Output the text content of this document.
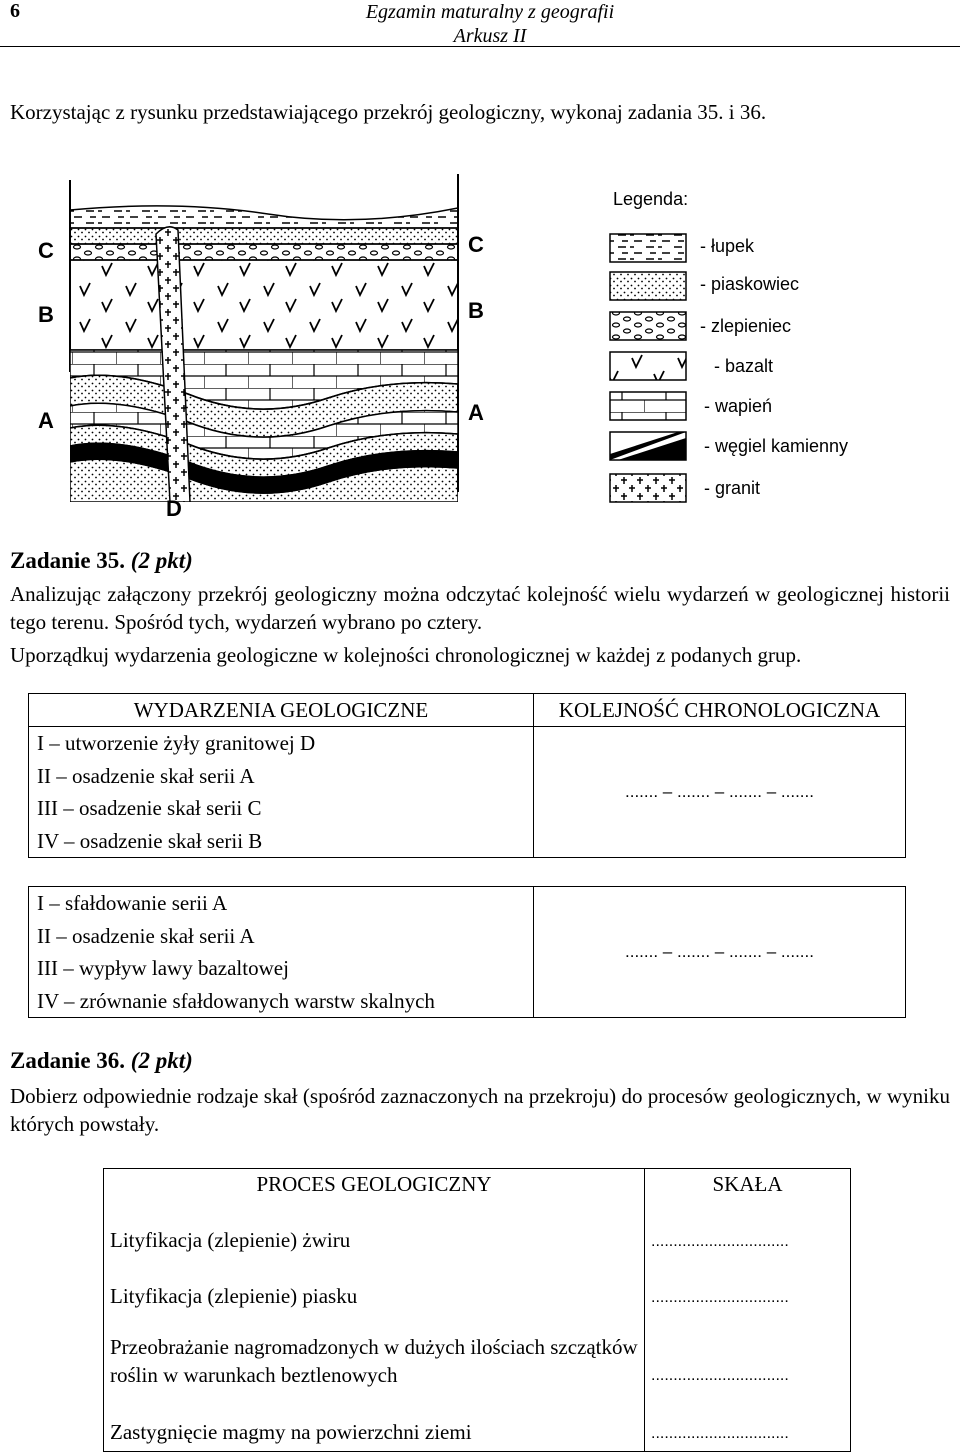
6	Egzamin maturalny z geografii
Arkusz II
Korzystając z rysunku przedstawiającego przekrój geologiczny, wykonaj zadania 35. i 36.
C
B
A
C
B
A
D
Legenda:
- łupek
- piaskowiec
- zlepieniec
- bazalt
- wapień
- węgiel kamienny
- granit
Zadanie 35. (2 pkt)
Analizując załączony przekrój geologiczny można odczytać kolejność wielu wydarzeń w geologicznej historii tego terenu. Spośród tych, wydarzeń wybrano po cztery.
Uporządkuj wydarzenia geologiczne w kolejności chronologicznej w każdej z podanych grup.
WYDARZENIA GEOLOGICZNE	KOLEJNOŚĆ CHRONOLOGICZNA

I – utworzenie żyły granitowej D
II – osadzenie skał serii A
III – osadzenie skał serii C
IV – osadzenie skał serii B	....... – ....... – ....... – .......

I – sfałdowanie serii A
II – osadzenie skał serii A
III – wypływ lawy bazaltowej
IV – zrównanie sfałdowanych warstw skalnych	....... – ....... – ....... – .......
Zadanie 36. (2 pkt)
Dobierz odpowiednie rodzaje skał (spośród zaznaczonych na przekroju) do procesów geologicznych, w wyniku których powstały.
PROCES GEOLOGICZNY	SKAŁA
Lityfikacja (zlepienie) żwiru	...............................
Lityfikacja (zlepienie) piasku	...............................
Przeobrażanie nagromadzonych w dużych ilościach szczątków roślin w warunkach beztlenowych	...............................
Zastygnięcie magmy na powierzchni ziemi	...............................
